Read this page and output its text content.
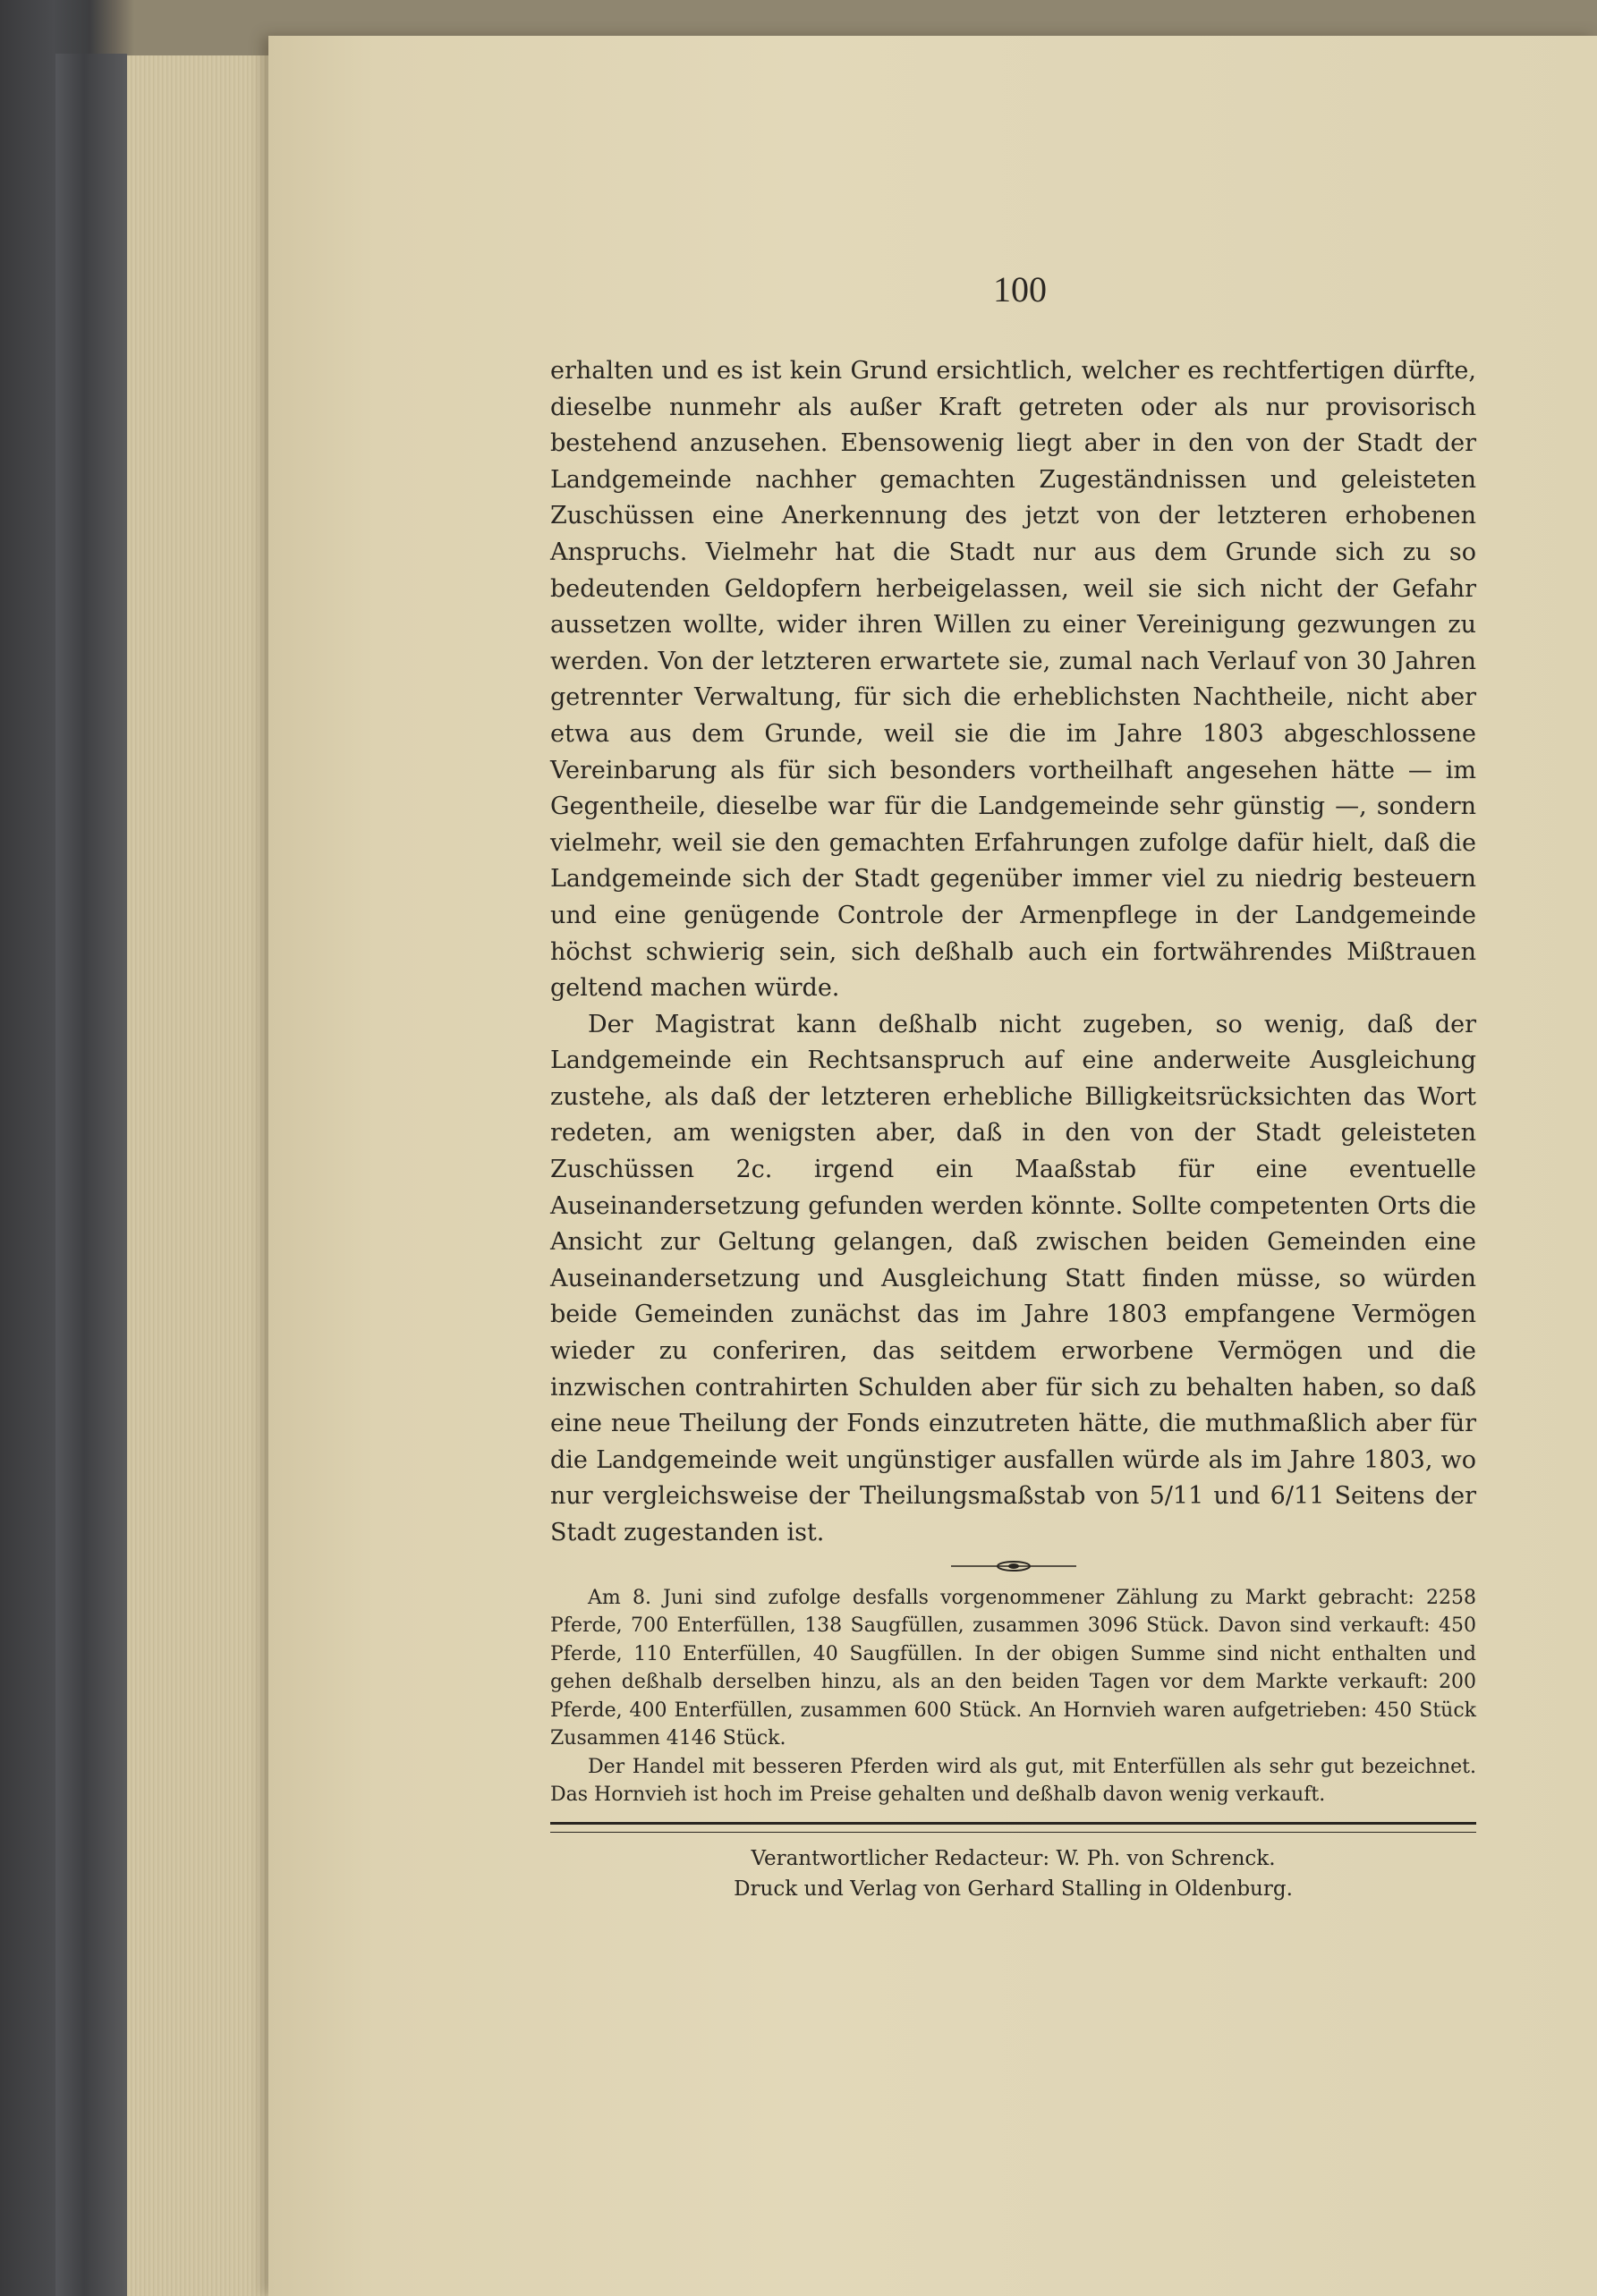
100

erhalten und es ist kein Grund ersichtlich, welcher es rechtfertigen dürfte, dieselbe nunmehr als außer Kraft getreten oder als nur provisorisch bestehend anzusehen. Ebensowenig liegt aber in den von der Stadt der Landgemeinde nachher gemachten Zugeständnissen und geleisteten Zuschüssen eine Anerkennung des jetzt von der letzteren erhobenen Anspruchs. Vielmehr hat die Stadt nur aus dem Grunde sich zu so bedeutenden Geldopfern herbeigelassen, weil sie sich nicht der Gefahr aussetzen wollte, wider ihren Willen zu einer Vereinigung gezwungen zu werden. Von der letzteren erwartete sie, zumal nach Verlauf von 30 Jahren getrennter Verwaltung, für sich die erheblichsten Nachtheile, nicht aber etwa aus dem Grunde, weil sie die im Jahre 1803 abgeschlossene Vereinbarung als für sich besonders vortheilhaft angesehen hätte — im Gegentheile, dieselbe war für die Landgemeinde sehr günstig —, sondern vielmehr, weil sie den gemachten Erfahrungen zufolge dafür hielt, daß die Landgemeinde sich der Stadt gegenüber immer viel zu niedrig besteuern und eine genügende Controle der Armenpflege in der Landgemeinde höchst schwierig sein, sich deßhalb auch ein fortwährendes Mißtrauen geltend machen würde.

Der Magistrat kann deßhalb nicht zugeben, so wenig, daß der Landgemeinde ein Rechtsanspruch auf eine anderweite Ausgleichung zustehe, als daß der letzteren erhebliche Billigkeitsrücksichten das Wort redeten, am wenigsten aber, daß in den von der Stadt geleisteten Zuschüssen 2c. irgend ein Maaßstab für eine eventuelle Auseinandersetzung gefunden werden könnte. Sollte competenten Orts die Ansicht zur Geltung gelangen, daß zwischen beiden Gemeinden eine Auseinandersetzung und Ausgleichung Statt finden müsse, so würden beide Gemeinden zunächst das im Jahre 1803 empfangene Vermögen wieder zu conferiren, das seitdem erworbene Vermögen und die inzwischen contrahirten Schulden aber für sich zu behalten haben, so daß eine neue Theilung der Fonds einzutreten hätte, die muthmaßlich aber für die Landgemeinde weit ungünstiger ausfallen würde als im Jahre 1803, wo nur vergleichsweise der Theilungsmaßstab von 5/11 und 6/11 Seitens der Stadt zugestanden ist.

Am 8. Juni sind zufolge desfalls vorgenommener Zählung zu Markt gebracht: 2258 Pferde, 700 Enterfüllen, 138 Saugfüllen, zusammen 3096 Stück. Davon sind verkauft: 450 Pferde, 110 Enterfüllen, 40 Saugfüllen. In der obigen Summe sind nicht enthalten und gehen deßhalb derselben hinzu, als an den beiden Tagen vor dem Markte verkauft: 200 Pferde, 400 Enterfüllen, zusammen 600 Stück. An Hornvieh waren aufgetrieben: 450 Stück Zusammen 4146 Stück.

Der Handel mit besseren Pferden wird als gut, mit Enterfüllen als sehr gut bezeichnet. Das Hornvieh ist hoch im Preise gehalten und deßhalb davon wenig verkauft.

Verantwortlicher Redacteur: W. Ph. von Schrenck.

Druck und Verlag von Gerhard Stalling in Oldenburg.
